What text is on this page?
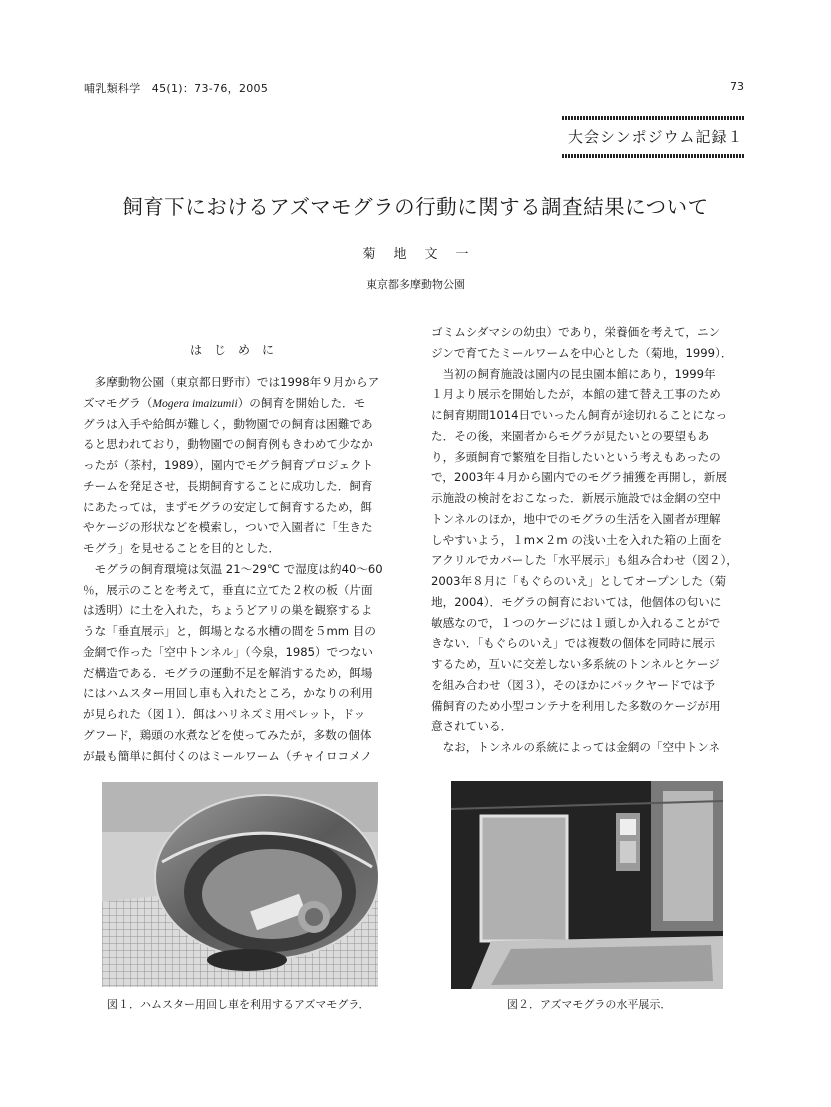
哺乳類科学　45(1)：73-76，2005	73
大会シンポジウム記録１
飼育下におけるアズマモグラの行動に関する調査結果について
菊地文一
東京都多摩動物公園
はじめに
　多摩動物公園（東京都日野市）では1998年９月からア
ズマモグラ（Mogera imaizumii）の飼育を開始した．モ
グラは入手や給餌が難しく，動物園での飼育は困難であ
ると思われており，動物園での飼育例もきわめて少なか
ったが（茶村，1989），園内でモグラ飼育プロジェクト
チームを発足させ，長期飼育することに成功した．飼育
にあたっては，まずモグラの安定して飼育するため，餌
やケージの形状などを模索し，ついで入園者に「生きた
モグラ」を見せることを目的とした．
　モグラの飼育環境は気温 21〜29℃ で湿度は約40〜60
％，展示のことを考えて，垂直に立てた２枚の板（片面
は透明）に土を入れた，ちょうどアリの巣を観察するよ
うな「垂直展示」と，餌場となる水槽の間を５mm 目の
金網で作った「空中トンネル」（今泉，1985）でつない
だ構造である．モグラの運動不足を解消するため，餌場
にはハムスター用回し車も入れたところ，かなりの利用
が見られた（図１）．餌はハリネズミ用ペレット，ドッ
グフード，鶏頭の水煮などを使ってみたが，多数の個体
が最も簡単に餌付くのはミールワーム（チャイロコメノ
ゴミムシダマシの幼虫）であり，栄養価を考えて，ニン
ジンで育てたミールワームを中心とした（菊地，1999）．
　当初の飼育施設は園内の昆虫園本館にあり，1999年
１月より展示を開始したが，本館の建て替え工事のため
に飼育期間1014日でいったん飼育が途切れることになっ
た．その後，来園者からモグラが見たいとの要望もあ
り，多頭飼育で繁殖を目指したいという考えもあったの
で，2003年４月から園内でのモグラ捕獲を再開し，新展
示施設の検討をおこなった．新展示施設では金網の空中
トンネルのほか，地中でのモグラの生活を入園者が理解
しやすいよう，１m×２m の浅い土を入れた箱の上面を
アクリルでカバーした「水平展示」も組み合わせ（図２），
2003年８月に「もぐらのいえ」としてオープンした（菊
地，2004）．モグラの飼育においては，他個体の匂いに
敏感なので，１つのケージには１頭しか入れることがで
きない．「もぐらのいえ」では複数の個体を同時に展示
するため，互いに交差しない多系統のトンネルとケージ
を組み合わせ（図３），そのほかにバックヤードでは予
備飼育のため小型コンテナを利用した多数のケージが用
意されている．
　なお，トンネルの系統によっては金網の「空中トンネ
図１．ハムスター用回し車を利用するアズマモグラ．	図２．アズマモグラの水平展示．
